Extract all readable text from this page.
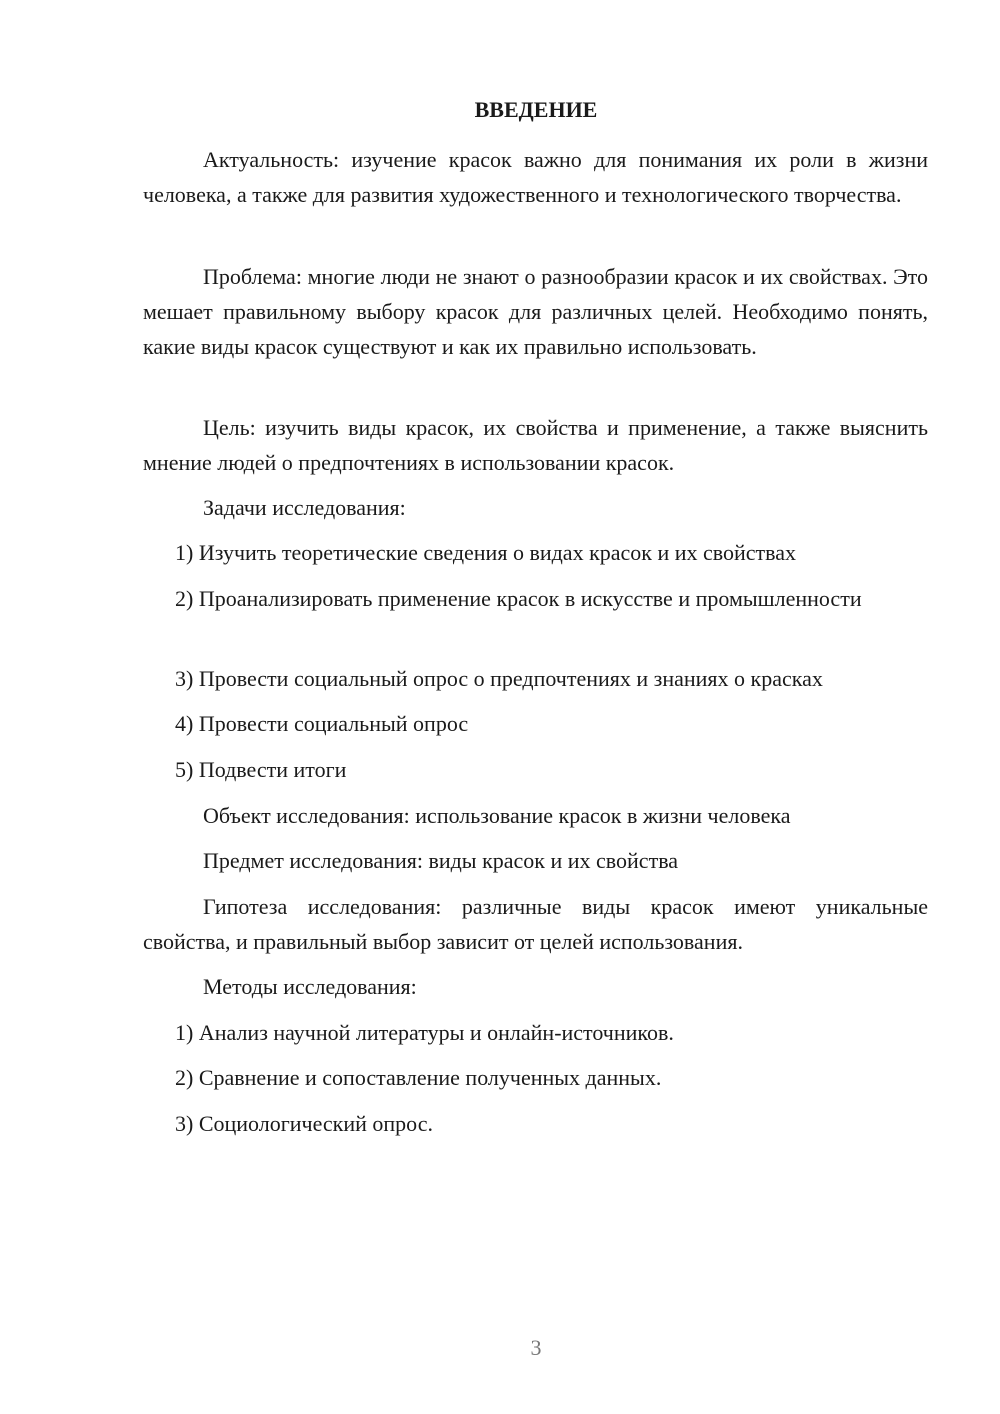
ВВЕДЕНИЕ

Актуальность: изучение красок важно для понимания их роли в жизни человека, а также для развития художественного и технологического творчества.

Проблема: многие люди не знают о разнообразии красок и их свойствах. Это мешает правильному выбору красок для различных целей. Необходимо понять, какие виды красок существуют и как их правильно использовать.

Цель: изучить виды красок, их свойства и применение, а также выяснить мнение людей о предпочтениях в использовании красок.

Задачи исследования:

1) Изучить теоретические сведения о видах красок и их свойствах

2) Проанализировать применение красок в искусстве и промышленности

3) Провести социальный опрос о предпочтениях и знаниях о красках

4) Провести социальный опрос

5) Подвести итоги

Объект исследования: использование красок в жизни человека

Предмет исследования: виды красок и их свойства

Гипотеза исследования: различные виды красок имеют уникальные свойства, и правильный выбор зависит от целей использования.

Методы исследования:

1) Анализ научной литературы и онлайн-источников.

2) Сравнение и сопоставление полученных данных.

3) Социологический опрос.

3
